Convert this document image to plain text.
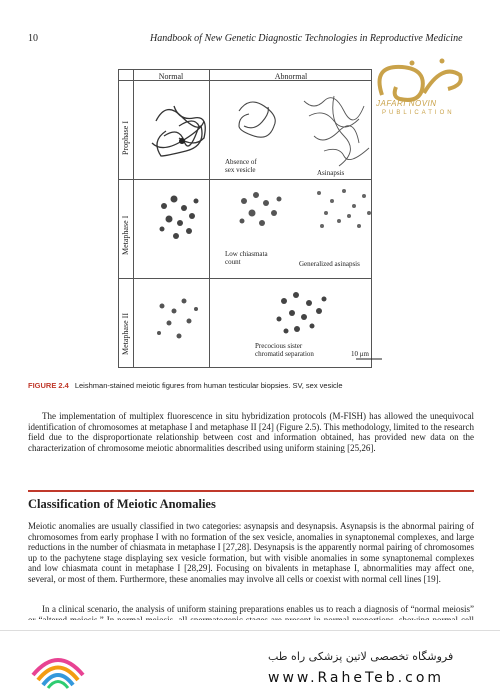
10	Handbook of New Genetic Diagnostic Technologies in Reproductive Medicine
JAFARI NOVIN
PUBLICATION
Normal	Abnormal
Prophase I
Metaphase I
Metaphase II
Absence of
sex vesicle	Asinapsis
Low chiasmata
count	Generalized asinapsis
Precocious sister
chromatid separation	10 μm
FIGURE 2.4 Leishman-stained meiotic figures from human testicular biopsies. SV, sex vesicle
The implementation of multiplex fluorescence in situ hybridization protocols (M-FISH) has allowed the unequivocal identification of chromosomes at metaphase I and metaphase II [24] (Figure 2.5). This methodology, limited to the research field due to the disproportionate relationship between cost and information obtained, has provided new data on the characterization of chromosome meiotic abnormalities described using uniform staining [25,26].
Classification of Meiotic Anomalies
Meiotic anomalies are usually classified in two categories: asynapsis and desynapsis. Asynapsis is the abnormal pairing of chromosomes from early prophase I with no formation of the sex vesicle, anomalies in synaptonemal complexes, and large reductions in the number of chiasmata in metaphase I [27,28]. Desynapsis is the apparently normal pairing of chromosomes up to the pachytene stage displaying sex vesicle formation, but with visible anomalies in some synaptonemal complexes and low chiasmata count in metaphase I [28,29]. Focusing on bivalents in metaphase I, abnormalities may affect one, several, or most of them. Furthermore, these anomalies may involve all cells or coexist with normal cell lines [19].
In a clinical scenario, the analysis of uniform staining preparations enables us to reach a diagnosis of “normal meiosis”
فروشگاه تخصصی لاتین پزشکی راه طب
www.RaheTeb.com
